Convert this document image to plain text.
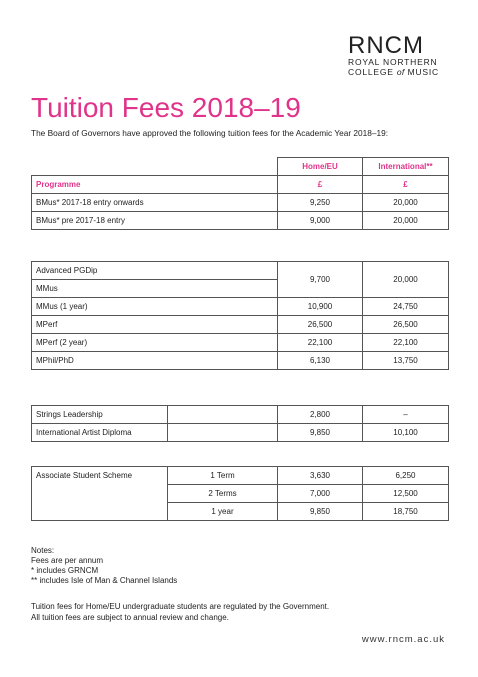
RNCM
ROYAL NORTHERN
COLLEGE of MUSIC
Tuition Fees 2018–19
The Board of Governors have approved the following tuition fees for the Academic Year 2018–19:
	Home/EU	International**
Programme	£	£
BMus* 2017-18 entry onwards	9,250	20,000
BMus* pre 2017-18 entry	9,000	20,000
Advanced PGDip	9,700	20,000
MMus		
MMus (1 year)	10,900	24,750
MPerf	26,500	26,500
MPerf (2 year)	22,100	22,100
MPhil/PhD	6,130	13,750
Strings Leadership		2,800	–
International Artist Diploma		9,850	10,100
Associate Student Scheme	1 Term	3,630	6,250
	2 Terms	7,000	12,500
	1 year	9,850	18,750
Notes:
Fees are per annum
* includes GRNCM
** includes Isle of Man & Channel Islands
Tuition fees for Home/EU undergraduate students are regulated by the Government.
All tuition fees are subject to annual review and change.
www.rncm.ac.uk
